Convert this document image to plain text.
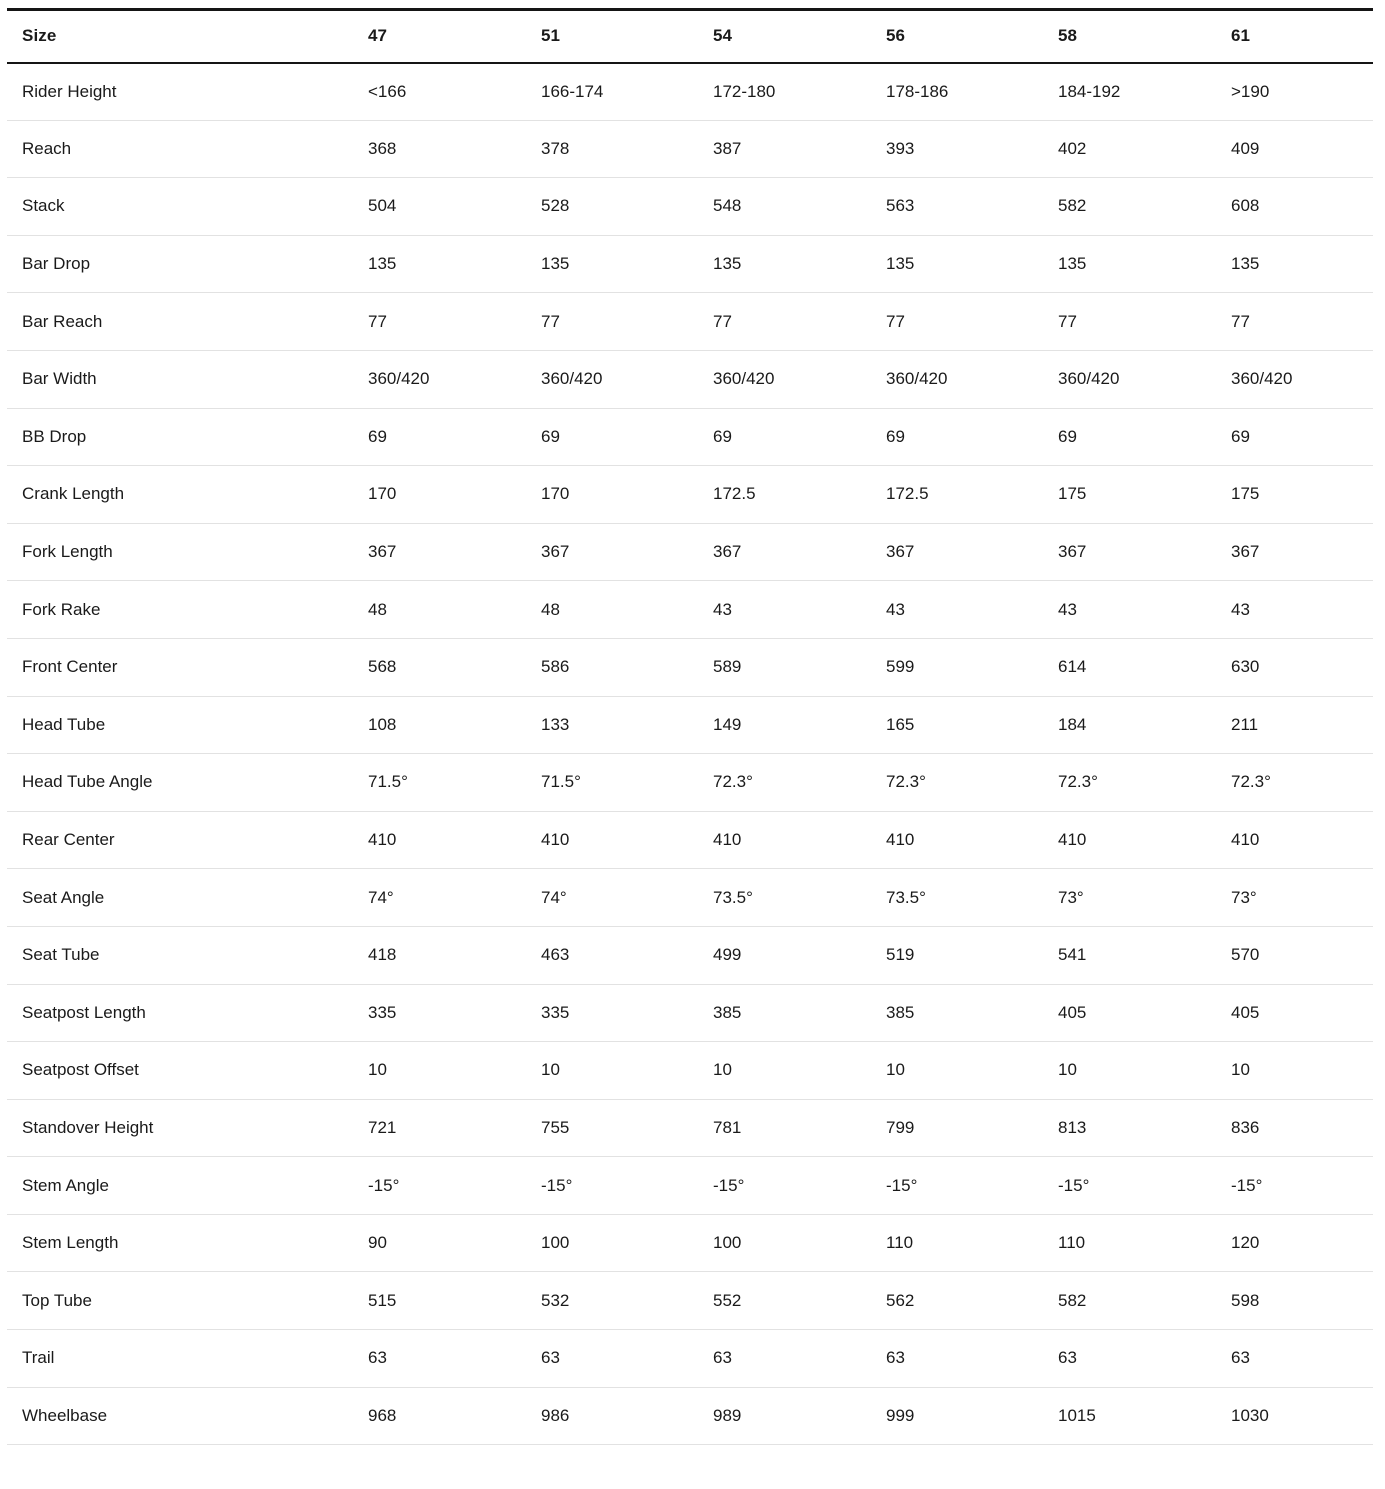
Size	47	51	54	56	58	61
Rider Height	<166	166-174	172-180	178-186	184-192	>190
Reach	368	378	387	393	402	409
Stack	504	528	548	563	582	608
Bar Drop	135	135	135	135	135	135
Bar Reach	77	77	77	77	77	77
Bar Width	360/420	360/420	360/420	360/420	360/420	360/420
BB Drop	69	69	69	69	69	69
Crank Length	170	170	172.5	172.5	175	175
Fork Length	367	367	367	367	367	367
Fork Rake	48	48	43	43	43	43
Front Center	568	586	589	599	614	630
Head Tube	108	133	149	165	184	211
Head Tube Angle	71.5°	71.5°	72.3°	72.3°	72.3°	72.3°
Rear Center	410	410	410	410	410	410
Seat Angle	74°	74°	73.5°	73.5°	73°	73°
Seat Tube	418	463	499	519	541	570
Seatpost Length	335	335	385	385	405	405
Seatpost Offset	10	10	10	10	10	10
Standover Height	721	755	781	799	813	836
Stem Angle	-15°	-15°	-15°	-15°	-15°	-15°
Stem Length	90	100	100	110	110	120
Top Tube	515	532	552	562	582	598
Trail	63	63	63	63	63	63
Wheelbase	968	986	989	999	1015	1030
